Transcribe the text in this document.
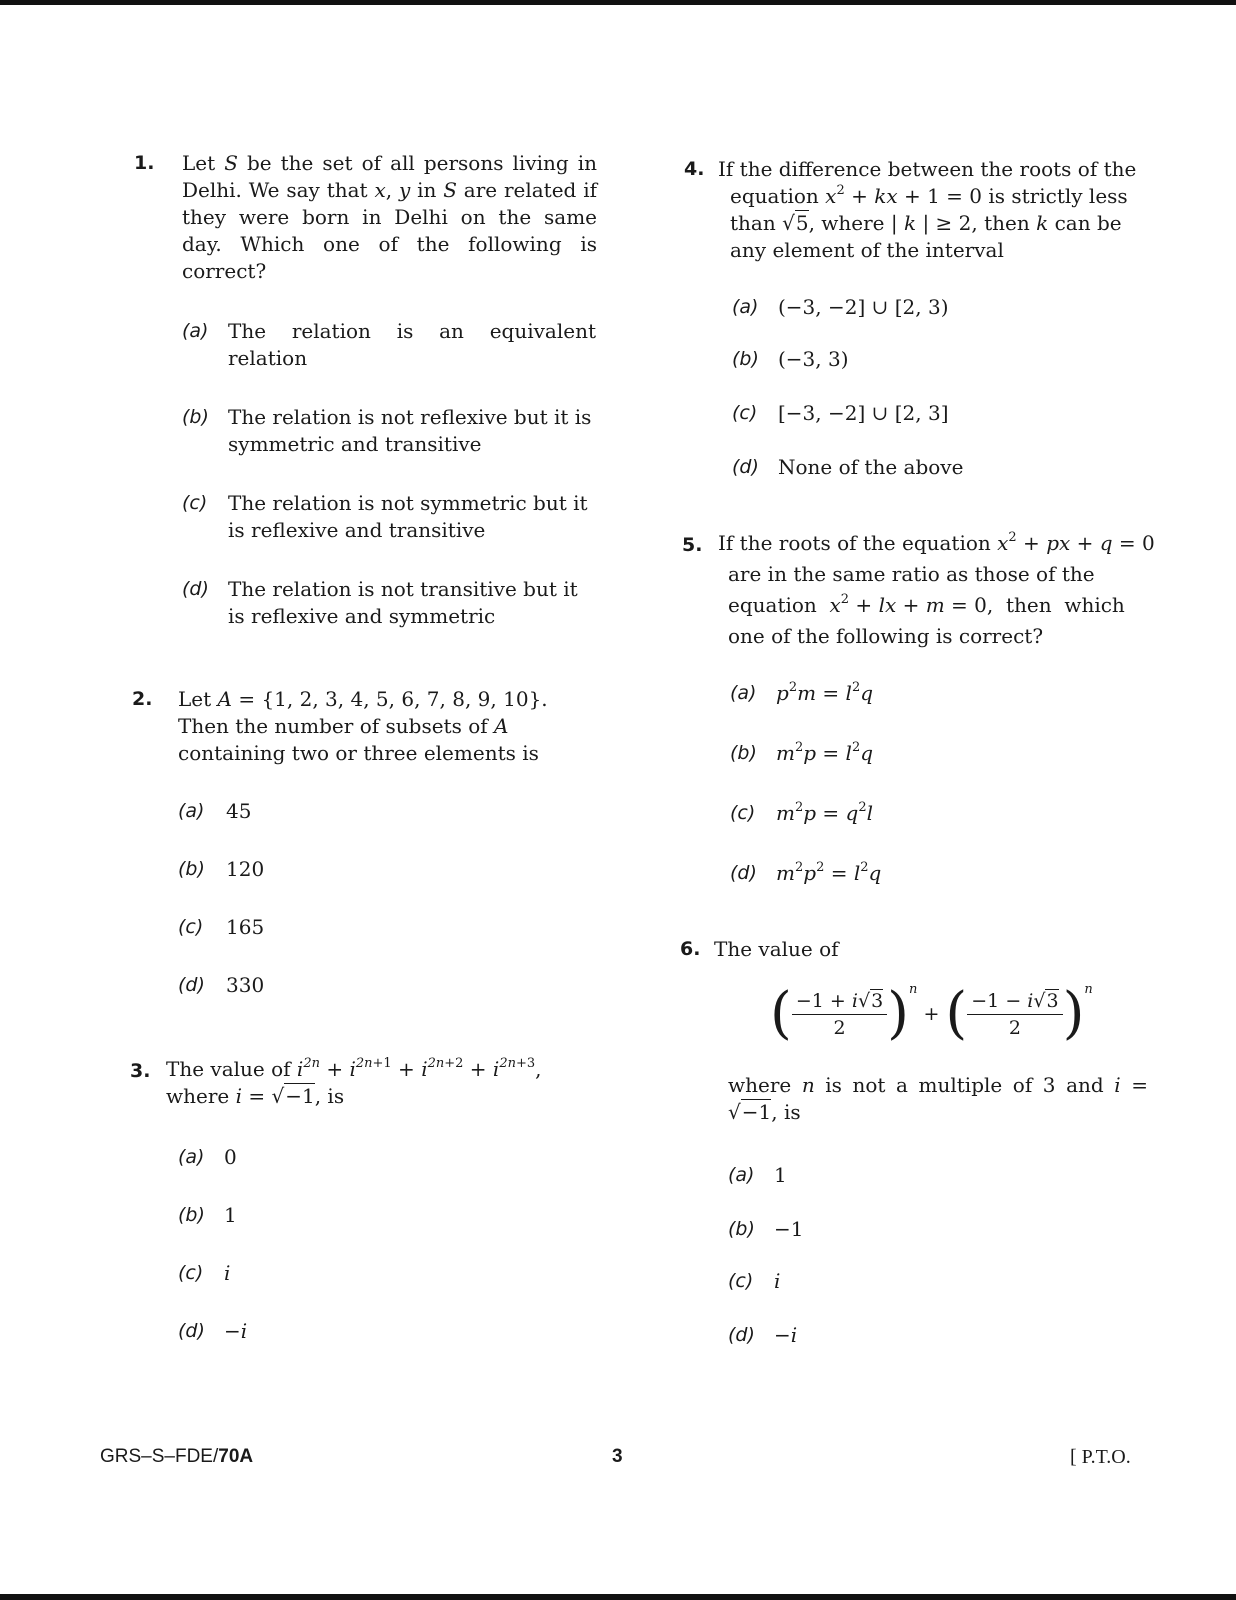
1. Let S be the set of all persons living in Delhi. We say that x, y in S are related if they were born in Delhi on the same day. Which one of the following is correct?
(a) The relation is an equivalent relation
(b) The relation is not reflexive but it is symmetric and transitive
(c) The relation is not symmetric but it is reflexive and transitive
(d) The relation is not transitive but it is reflexive and symmetric
2. Let A = {1, 2, 3, 4, 5, 6, 7, 8, 9, 10}. Then the number of subsets of A containing two or three elements is
(a) 45
(b) 120
(c) 165
(d) 330
3. The value of $i^{2n} + i^{2n+1} + i^{2n+2} + i^{2n+3}$,
where i = √−1, is
(a) 0
(b) 1
(c) i
(d) −i
4. If the difference between the roots of the
equation $x^2$ + kx + 1 = 0 is strictly less
than √5, where | k | ≥ 2, then k can be
any element of the interval
(a) (−3, −2] ∪ [2, 3)
(b) (−3, 3)
(c) [−3, −2] ∪ [2, 3]
(d) None of the above
5. If the roots of the equation $x^2$ + px + q = 0
are in the same ratio as those of the
equation  $x^2$ + lx + m = 0,  then  which
one of the following is correct?
(a) $p^2m = l^2q$
(b) $m^2p = l^2q$
(c) $m^2p = q^2l$
(d) $m^2p^2 = l^2q$
6. The value of
( $\frac{-1 + i√3}{2} )^n$ + ( $\frac{-1 - i√3}{2} )^n$
where n is not a multiple of 3 and i = √−1, is
(a) 1
(b) −1
(c) i
(d) −i
GRS–S–FDE/70A	3	[ P.T.O.
